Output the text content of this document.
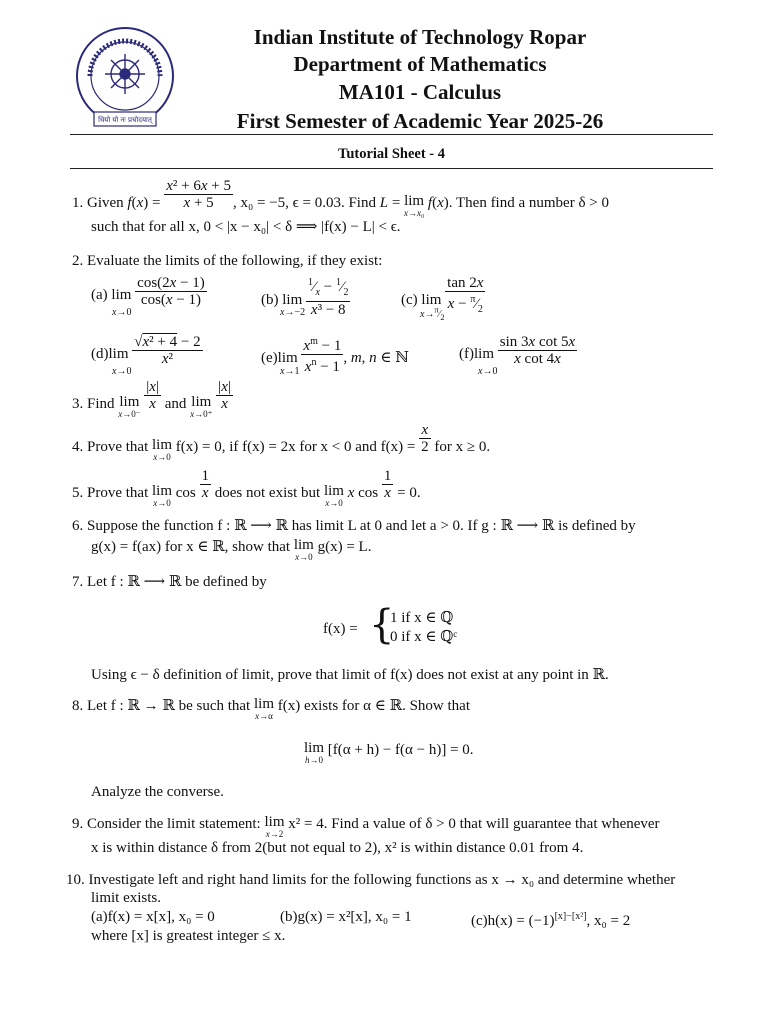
धियो यो नः प्रचोदयात्
Indian Institute of Technology Ropar
Department of Mathematics
MA101 - Calculus
First Semester of Academic Year 2025-26
Tutorial Sheet - 4
1. Given $f(x) = \frac{\text{x² + 6x + 5}}{x + 5}$ , x₀ = −5, ϵ = 0.03. Find L = lim
x→x₀
f(x). Then find a number δ > 0
such that for all x, 0 < |x − x₀| < δ ⟹ |f(x) − L| < ϵ.
2. Evaluate the limits of the following, if they exist:
(a) $\lim \frac{\cos(2x - 1)}{\cos(x - 1)}$
x→0
(b) $\lim \frac{^1⁄_x - ^1⁄_2}{\text{x³ − 8}}$
x→−2
(c) $\lim \frac{\tan 2x}{x - ^\pi⁄_2}$
$x\to^\pi⁄_2$
$(d)\lim \frac{\text{√x² + 4 − 2}}{\text{x²}}$
x→0
$(e)\lim \frac{x^m - 1}{x^n - 1}$ , m, n ∈ ℕ
x→1
$(f)\lim \frac{\text{sin 3x cot 5x}}{\text{x cot 4x}}$
x→0
3. Find lim
x→0⁻

$\frac{|x|}{x}$ and lim
x→0⁺

$\frac{|x|}{x}$
4. Prove that lim
x→0
f(x) = 0, if f(x) = 2x for x < 0 and $f(x) = \frac{x}{2}$ for x ≥ 0.
5. Prove that lim
x→0
$\cos \frac{1}{x}$ does not exist but lim
x→0
x $\cos \frac{1}{x} = 0$.
6. Suppose the function f : ℝ ⟶ ℝ has limit L at 0 and let a > 0. If g : ℝ ⟶ ℝ is defined by
g(x) = f(ax) for x ∈ ℝ, show that lim
x→0
g(x) = L.
7. Let f : ℝ ⟶ ℝ be defined by
f(x) = {
1 if x ∈ ℚ
0 if x ∈ ℚᶜ
Using ϵ − δ definition of limit, prove that limit of f(x) does not exist at any point in ℝ.
8. Let f : ℝ → ℝ be such that lim
x→α
f(x) exists for α ∈ ℝ. Show that
lim
h→0
[f(α + h) − f(α − h)] = 0.
Analyze the converse.
9. Consider the limit statement: lim
x→2
x² = 4. Find a value of δ > 0 that will guarantee that whenever
x is within distance δ from 2(but not equal to 2), x² is within distance 0.01 from 4.
10. Investigate left and right hand limits for the following functions as x → x₀ and determine whether
limit exists.
(a)f(x) = x[x], x₀ = 0	(b)g(x) = x²[x], x₀ = 1	(c)h(x) = (−1)[x]−[x²], x₀ = 2
where [x] is greatest integer ≤ x.
